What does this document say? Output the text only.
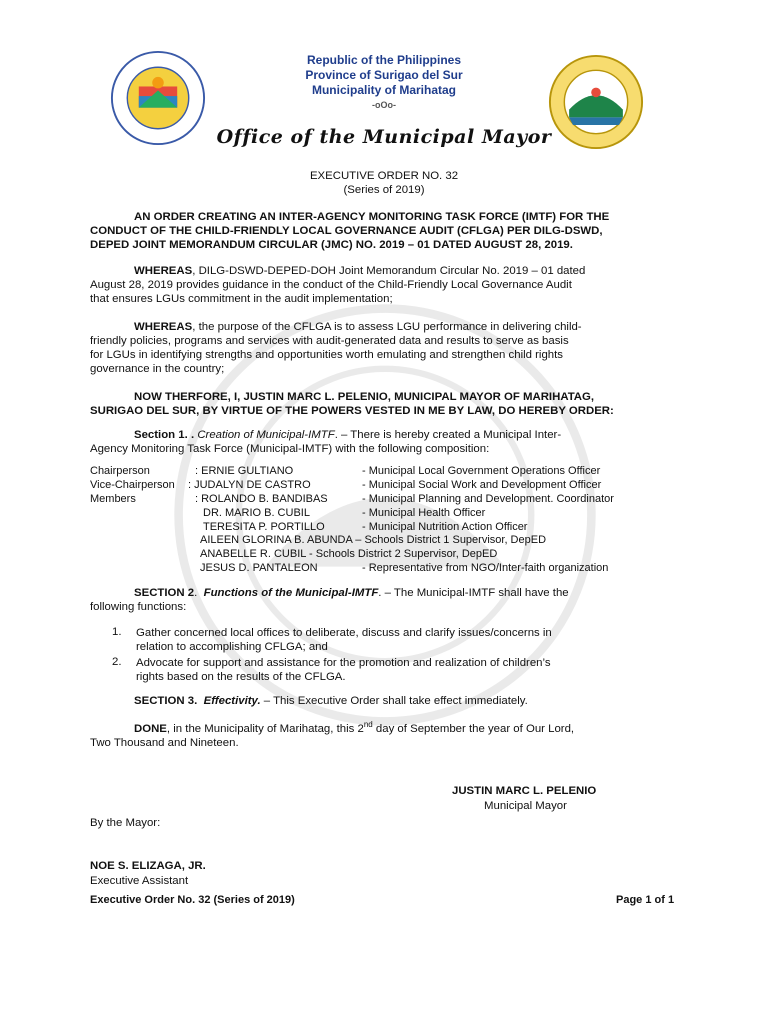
Republic of the Philippines
Province of Surigao del Sur
Municipality of Marihatag
-oOo-
Office of the Municipal Mayor
EXECUTIVE ORDER NO. 32
(Series of 2019)
AN ORDER CREATING AN INTER-AGENCY MONITORING TASK FORCE (IMTF) FOR THE
CONDUCT OF THE CHILD-FRIENDLY LOCAL GOVERNANCE AUDIT (CFLGA) PER DILG-DSWD,
DEPED JOINT MEMORANDUM CIRCULAR (JMC) NO. 2019 – 01 DATED AUGUST 28, 2019.
WHEREAS, DILG-DSWD-DEPED-DOH Joint Memorandum Circular No. 2019 – 01 dated
August 28, 2019 provides guidance in the conduct of the Child-Friendly Local Governance Audit
that ensures LGUs commitment in the audit implementation;
WHEREAS, the purpose of the CFLGA is to assess LGU performance in delivering child-
friendly policies, programs and services with audit-generated data and results to serve as basis
for LGUs in identifying strengths and opportunities worth emulating and strengthen child rights
governance in the country;
NOW THERFORE, I, JUSTIN MARC L. PELENIO, MUNICIPAL MAYOR OF MARIHATAG,
SURIGAO DEL SUR, BY VIRTUE OF THE POWERS VESTED IN ME BY LAW, DO HEREBY ORDER:
Section 1. . Creation of Municipal-IMTF. – There is hereby created a Municipal Inter-
Agency Monitoring Task Force (Municipal-IMTF) with the following composition:
Chairperson	: ERNIE GULTIANO	- Municipal Local Government Operations Officer
Vice-Chairperson : JUDALYN DE CASTRO	- Municipal Social Work and Development Officer
Members	: ROLANDO B. BANDIBAS	- Municipal Planning and Development. Coordinator
DR. MARIO B. CUBIL	- Municipal Health Officer
TERESITA P. PORTILLO	- Municipal Nutrition Action Officer
AILEEN GLORINA B. ABUNDA – Schools District 1 Supervisor, DepED
ANABELLE R. CUBIL - Schools District 2 Supervisor, DepED
JESUS D. PANTALEON	- Representative from NGO/Inter-faith organization
SECTION 2.  Functions of the Municipal-IMTF. – The Municipal-IMTF shall have the
following functions:
1. Gather concerned local offices to deliberate, discuss and clarify issues/concerns in
relation to accomplishing CFLGA; and
2. Advocate for support and assistance for the promotion and realization of children’s
rights based on the results of the CFLGA.
SECTION 3. Effectivity. – This Executive Order shall take effect immediately.
DONE, in the Municipality of Marihatag, this 2nd day of September the year of Our Lord,
Two Thousand and Nineteen.
JUSTIN MARC L. PELENIO
Municipal Mayor
By the Mayor:
NOE S. ELIZAGA, JR.
Executive Assistant
Executive Order No. 32 (Series of 2019)	Page 1 of 1
